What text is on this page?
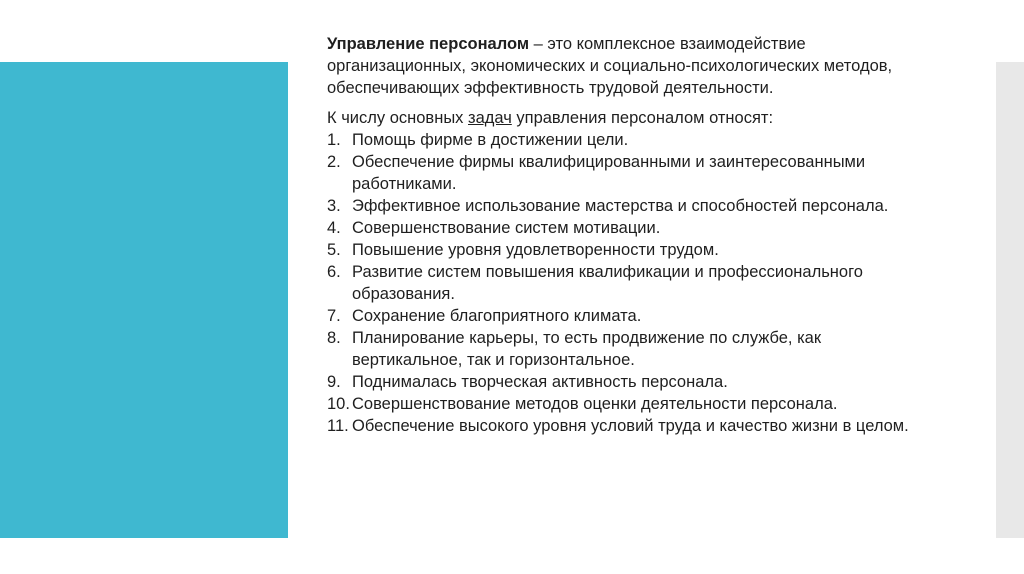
Управление персоналом – это комплексное взаимодействие организационных, экономических и социально-психологических методов, обеспечивающих эффективность трудовой деятельности.

К числу основных задач управления персоналом относят:

1. Помощь фирме в достижении цели.
2. Обеспечение фирмы квалифицированными и заинтересованными работниками.
3. Эффективное использование мастерства и способностей персонала.
4. Совершенствование систем мотивации.
5. Повышение уровня удовлетворенности трудом.
6. Развитие систем повышения квалификации и профессионального образования.
7. Сохранение благоприятного климата.
8. Планирование карьеры, то есть продвижение по службе, как вертикальное, так и горизонтальное.
9. Поднималась творческая активность персонала.
10. Совершенствование методов оценки деятельности персонала.
11. Обеспечение высокого уровня условий труда и качество жизни в целом.
